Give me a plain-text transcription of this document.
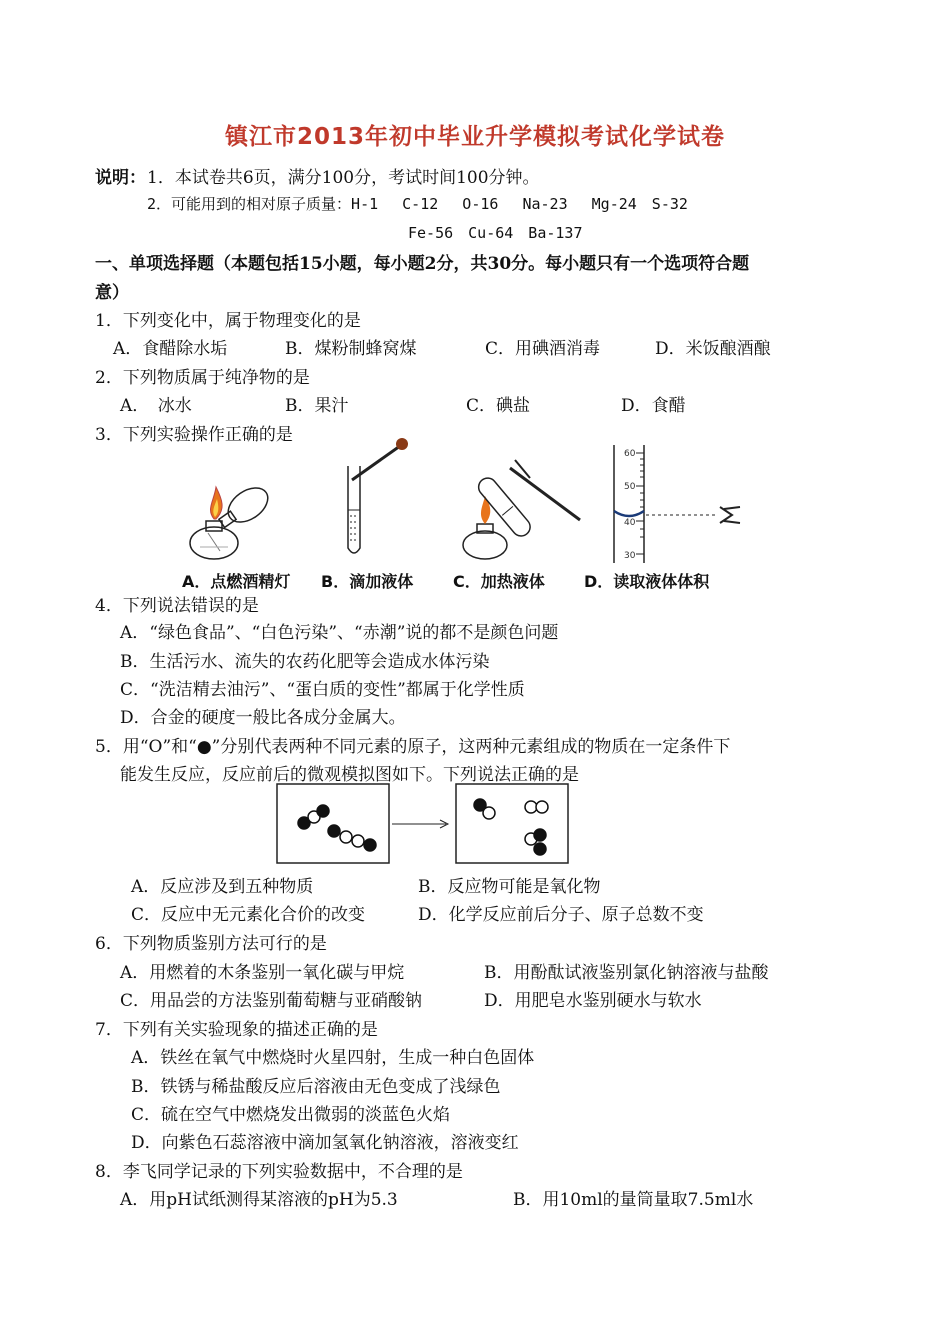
镇江市2013年初中毕业升学模拟考试化学试卷
说明： 1．本试卷共6页，满分100分，考试时间100分钟。
2．可能用到的相对原子质量：H-1　 C-12　 O-16　 Na-23　 Mg-24　S-32
Fe-56　Cu-64　Ba-137
一、单项选择题（本题包括15小题，每小题2分，共30分。每小题只有一个选项符合题
意）
1．下列变化中，属于物理变化的是
A．食醋除水垢	B．煤粉制蜂窝煤	C．用碘酒消毒	D．米饭酿酒酿
2．下列物质属于纯净物的是
A．　冰水	B．果汁	C．碘盐	D．食醋
3．下列实验操作正确的是
60
50
40
30
A．点燃酒精灯 B．滴加液体 C．加热液体 D．读取液体体积
4．下列说法错误的是
A．“绿色食品”、“白色污染”、“赤潮”说的都不是颜色问题
B．生活污水、流失的农药化肥等会造成水体污染
C．“洗洁精去油污”、“蛋白质的变性”都属于化学性质
D．合金的硬度一般比各成分金属大。
5．用“O”和“●”分别代表两种不同元素的原子，这两种元素组成的物质在一定条件下
能发生反应，反应前后的微观模拟图如下。下列说法正确的是
A．反应涉及到五种物质	B．反应物可能是氧化物
C．反应中无元素化合价的改变	D．化学反应前后分子、原子总数不变
6．下列物质鉴别方法可行的是
A．用燃着的木条鉴别一氧化碳与甲烷	B．用酚酞试液鉴别氯化钠溶液与盐酸
C．用品尝的方法鉴别葡萄糖与亚硝酸钠	D．用肥皂水鉴别硬水与软水
7．下列有关实验现象的描述正确的是
A．铁丝在氧气中燃烧时火星四射，生成一种白色固体
B．铁锈与稀盐酸反应后溶液由无色变成了浅绿色
C．硫在空气中燃烧发出微弱的淡蓝色火焰
D．向紫色石蕊溶液中滴加氢氧化钠溶液，溶液变红
8．李飞同学记录的下列实验数据中，不合理的是
A．用pH试纸测得某溶液的pH为5.3	B．用10ml的量筒量取7.5ml水
